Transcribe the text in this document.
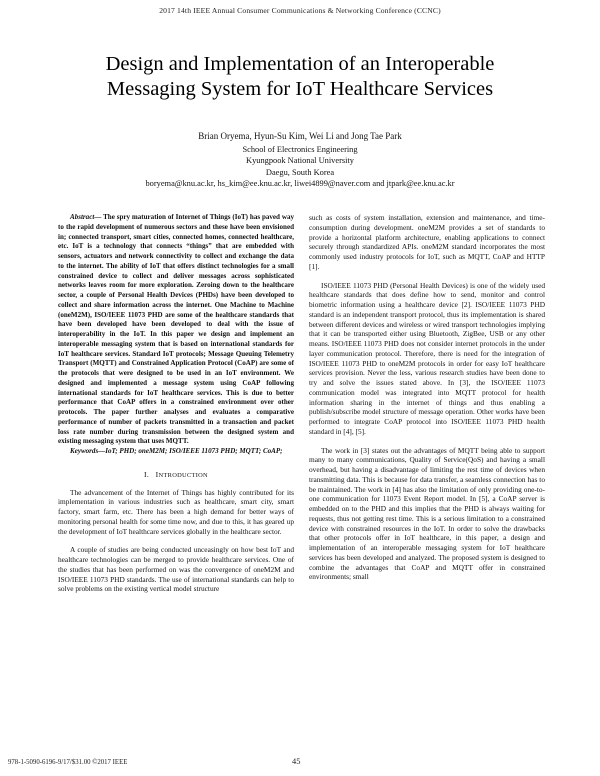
2017 14th IEEE Annual Consumer Communications & Networking Conference (CCNC)
Design and Implementation of an Interoperable
Messaging System for IoT Healthcare Services
Brian Oryema, Hyun-Su Kim, Wei Li and Jong Tae Park
School of Electronics Engineering
Kyungpook National University
Daegu, South Korea
boryema@knu.ac.kr, hs_kim@ee.knu.ac.kr, liwei4899@naver.com and jtpark@ee.knu.ac.kr

Abstract— The spry maturation of Internet of Things (IoT) has paved way to the rapid development of numerous sectors and these have been envisioned in; connected transport, smart cities, connected homes, connected healthcare, etc. IoT is a technology that connects “things” that are embedded with sensors, actuators and network connectivity to collect and exchange the data to the internet. The ability of IoT that offers distinct technologies for a small constrained device to collect and deliver messages across sophisticated networks leaves room for more exploration. Zeroing down to the healthcare sector, a couple of Personal Health Devices (PHDs) have been developed to collect and share information across the internet. One Machine to Machine (oneM2M), ISO/IEEE 11073 PHD are some of the healthcare standards that have been developed have been developed to deal with the issue of interoperability in the IoT. In this paper we design and implement an interoperable messaging system that is based on international standards for IoT healthcare services. Standard IoT protocols; Message Queuing Telemetry Transport (MQTT) and Constrained Application Protocol (CoAP) are some of the protocols that were designed to be used in an IoT environment. We designed and implemented a message system using CoAP following international standards for IoT healthcare services. This is due to better performance that CoAP offers in a constrained environment over other protocols. The paper further analyses and evaluates a comparative performance of number of packets transmitted in a transaction and packet loss rate number during transmission between the designed system and existing messaging system that uses MQTT.

Keywords—IoT; PHD; oneM2M; ISO/IEEE 11073 PHD; MQTT; CoAP;

I. INTRODUCTION

The advancement of the Internet of Things has highly contributed for its implementation in various industries such as healthcare, smart city, smart factory, smart farm, etc. There has been a high demand for better ways of monitoring personal health for some time now, and due to this, it has geared up the development of IoT healthcare services globally in the healthcare sector.

A couple of studies are being conducted unceasingly on how best IoT and healthcare technologies can be merged to provide healthcare services. One of the studies that has been performed on was the convergence of oneM2M and ISO/IEEE 11073 PHD standards. The use of international standards can help to solve problems on the existing vertical model structure

such as costs of system installation, extension and maintenance, and time-consumption during development. oneM2M provides a set of standards to provide a horizontal platform architecture, enabling applications to connect securely through standardized APIs. oneM2M standard incorporates the most commonly used industry protocols for IoT, such as MQTT, CoAP and HTTP [1].

ISO/IEEE 11073 PHD (Personal Health Devices) is one of the widely used healthcare standards that does define how to send, monitor and control biometric information using a healthcare device [2]. ISO/IEEE 11073 PHD standard is an independent transport protocol, thus its implementation is shared between different devices and wireless or wired transport technologies implying that it can be transported either using Bluetooth, ZigBee, USB or any other means. ISO/IEEE 11073 PHD does not consider internet protocols in the under layer communication protocol. Therefore, there is need for the integration of ISO/IEEE 11073 PHD to oneM2M protocols in order for easy IoT healthcare services provision. Never the less, various research studies have been done to try and solve the issues stated above. In [3], the ISO/IEEE 11073 communication model was integrated into MQTT protocol for health information sharing in the internet of things and thus enabling a publish/subscribe model structure of message operation. Other works have been performed to integrate CoAP protocol into ISO/IEEE 11073 PHD health standard in [4], [5].

The work in [3] states out the advantages of MQTT being able to support many to many communications, Quality of Service(QoS) and having a small overhead, but having a disadvantage of limiting the rest time of devices when transmitting data. This is because for data transfer, a seamless connection has to be maintained. The work in [4] has also the limitation of only providing one-to-one communication for 11073 Event Report model. In [5], a CoAP server is embedded on to the PHD and this implies that the PHD is always waiting for requests, thus not getting rest time. This is a serious limitation to a constrained device with constrained resources in the IoT. In order to solve the drawbacks that other protocols offer in IoT healthcare, in this paper, a design and implementation of an interoperable messaging system for IoT healthcare services has been developed and analyzed. The proposed system is designed to combine the advantages that CoAP and MQTT offer in constrained environments; small

978-1-5090-6196-9/17/$31.00 ©2017 IEEE	45
